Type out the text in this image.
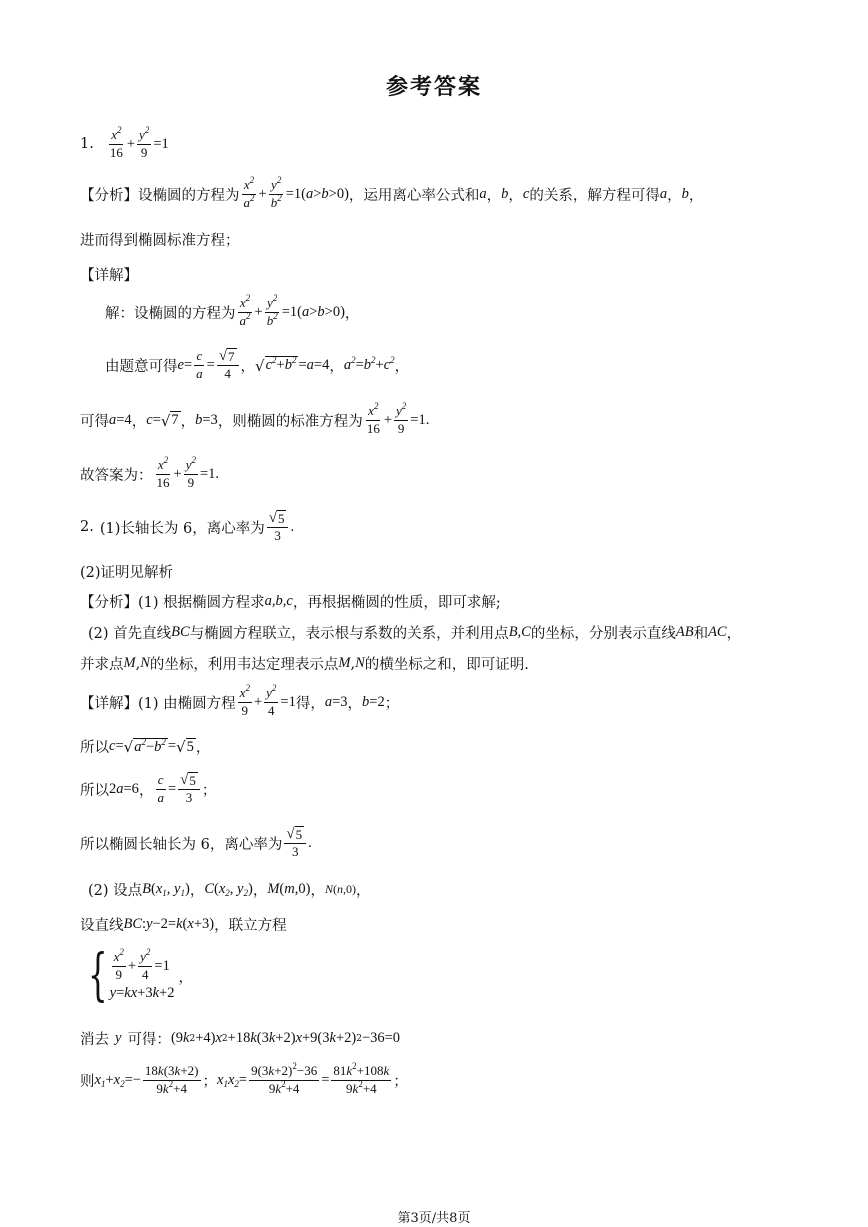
参考答案
1. $\frac{x^2}{16} + \frac{y^2}{9} =1$
【分析】 设椭圆的方程为 $\frac{x^2}{a^2} + \frac{y^2}{b^2} =1$( a > b >0) ，运用离心率公式和 a ， b ， c 的关系，解方程可得 a ， b ，
进而得到椭圆标准方程；
【详解】
解：设椭圆的方程为 $\frac{x^2}{a^2} + \frac{y^2}{b^2} =1$( a > b >0) ，
由题意可得 $e = \frac{c}{a} = \frac{√ 7}{4}$ ， √ $c^2+b^2 = a =4$ ， $a^2 = b^2 + c^2$ ，
可得 a =4 ， c = √ 7 ， b =3 ，则椭圆的标准方程为 $\frac{x^2}{16} + \frac{y^2}{9} =1$.
故答案为： $\frac{x^2}{16} + \frac{y^2}{9} =1$.
2. (1)长轴长为 6，离心率为 $\frac{√ 5}{3}$ .
(2)证明见解析
【分析】 (1) 根据椭圆方程求 a,b,c ，再根据椭圆的性质，即可求解;
(2) 首先直线 BC 与椭圆方程联立，表示根与系数的关系，并利用点 B,C 的坐标，分别表示直线 AB 和 AC ，
并求点 M , N 的坐标，利用韦达定理表示点 M , N 的横坐标之和，即可证明.
【详解】 (1) 由椭圆方程 $\frac{x^2}{9} + \frac{y^2}{4} =1$ 得， a =3 ， b =2 ；
所以 c = √ $a^2-b^2$ = √ 5 ，
所以 2 a =6 ， $\frac{c}{a} = \frac{√ 5}{3}$ ；
所以椭圆长轴长为 6，离心率为 $\frac{√ 5}{3}$ .
(2) 设点 B ( $x_1$, $y_1$ ) ， C ( $x_2$, $y_2$ ) ， M ( m ,0) ， N ( n ,0) ，
设直线 BC : y −2= k ( x +3) ，联立方程
{ $\frac{x^2}{9} + \frac{y^2}{4} =1$
y=kx+3k+2
，
消去 y 可得： (9 k 2 +4) x 2 +18 k (3 k +2) x +9(3 k +2) 2 −36=0
则 $x_1 + x_2 =- \frac{18k(3k+2)}{9k^2+4}$ ； $x_1x_2 = \frac{9(3k+2)^2-36}{9k^2+4} = \frac{81k^2+108k}{9k^2+4}$ ；
第3页/共8页
